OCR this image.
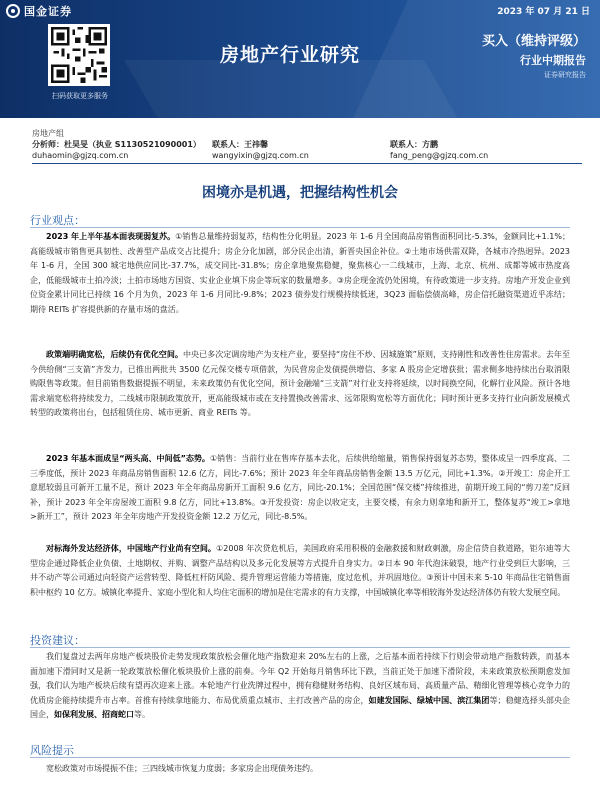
国金证券
扫码获取更多服务
房地产行业研究
2023 年 07 月 21 日
买入（维持评级）
行业中期报告
证券研究报告
房地产组
分析师：杜昊旻（执业 S1130521090001） 联系人：王祎馨	联系人：方鹏
duhaomin@gjzq.com.cn	wangyixin@gjzq.com.cn	fang_peng@gjzq.com.cn
困境亦是机遇，把握结构性机会
行业观点：

2023 年上半年基本面表现弱复苏。①销售总量维持弱复苏，结构性分化明显。2023 年 1-6 月全国商品房销售面积同比-5.3%，金额同比+1.1%；高能级城市销售更具韧性、改善型产品成交占比提升；房企分化加剧，部分民企出清，新晋央国企补位。②土地市场供需双降，各城市冷热迥异。2023 年 1-6 月，全国 300 城宅地供应同比-37.7%，成交同比-31.8%；房企拿地聚焦稳健，聚焦核心一二线城市，上海、北京、杭州、成都等城市热度高企，低能级城市土拍冷淡；土拍市场地方国资、实业企业填下房企等玩家的数量增多。③房企现金流仍处困境，有待政策进一步支持。房地产开发企业到位资金累计同比已持续 16 个月为负，2023 年 1-6 月同比-9.8%；2023 债券发行规模持续低迷，3Q23 面临偿债高峰，房企信托融资渠道近乎冻结；期待 REITs 扩容提供新的存量市场的盘活。

政策端明确宽松，后续仍有优化空间。中央已多次定调房地产为支柱产业，要坚持“房住不炒、因城施策”原则，支持刚性和改善性住房需求。去年至今供给侧“三支箭”齐发力，已推出两批共 3500 亿元保交楼专项借款，为民营房企发债提供增信、多家 A 股房企定增获批；需求侧多地持续出台取消限购限售等政策。但目前销售数据提振不明显，未来政策仍有优化空间，预计金融端“三支箭”对行业支持将延续，以时间换空间，化解行业风险。预计各地需求端宽松将持续发力，二线城市限制政策放开，更高能级城市或在支持置换改善需求、远郊限购宽松等方面优化；同时预计更多支持行业向新发展模式转型的政策将出台，包括租赁住房、城市更新、商业 REITs 等。

2023 年基本面成呈“两头高、中间低”态势。①销售：当前行业在售库存基本去化，后续供给缩量，销售保持弱复苏态势，整体成呈一四季度高、二三季度低，预计 2023 年商品房销售面积 12.6 亿方，同比-7.6%；预计 2023 年全年商品房销售金额 13.5 万亿元，同比+1.3%。②开竣工：房企开工意愿较弱且可新开工量不足，预计 2023 年全年商品房新开工面积 9.6 亿方，同比-20.1%；全国范围“保交楼”持续推进，前期开竣工间的“剪刀差”反回补，预计 2023 年全年房屋竣工面积 9.8 亿方，同比+13.8%。③开发投资：房企以收定支，主要交楼，有余力则拿地和新开工，整体复苏“竣工>拿地>新开工”，预计 2023 年全年房地产开发投资金额 12.2 万亿元，同比-8.5%。

对标海外发达经济体，中国地产行业尚有空间。①2008 年次贷危机后，美国政府采用积极的金融救援和财政刺激，房企信贷自救道路，钜尔迪等大型房企通过降低企业负债、土地期权、并购、调整产品结构以及多元化发展等方式提升自身实力。②日本 90 年代泡沫破裂，地产行业受到巨大影响，三井不动产等公司通过向轻资产运营转型、降低杠杆防风险、提升管理运营能力等措施，度过危机，并巩固地位。③预计中国未来 5-10 年商品住宅销售面积中枢约 10 亿方。城镇化率提升、家庭小型化和人均住宅面积的增加是住宅需求的有力支撑，中国城镇化率等相较海外发达经济体仍有较大发展空间。

投资建议：

我们复盘过去两年房地产板块股价走势发现政策放松会催化地产指数迎来 20%左右的上涨，之后基本面若持续下行则会带动地产指数转跌，而基本面加速下滑同时又是新一轮政策放松催化板块股价上涨的前奏。今年 Q2 开始每月销售环比下跌，当前正处于加速下滑阶段，未来政策放松预期愈发加强，我们认为地产板块后续有望再次迎来上涨。本轮地产行业洗牌过程中，拥有稳健财务结构、良好区域布局、高质量产品、精细化管理等核心竞争力的优质房企能持续提升市占率。首推有持续拿地能力、布局优质重点城市、主打改善产品的房企，如建发国际、绿城中国、滨江集团等；稳健选择头部央企国企，如保利发展、招商蛇口等。

风险提示

宽松政策对市场提振不佳；三四线城市恢复力度弱；多家房企出现债务违约。
